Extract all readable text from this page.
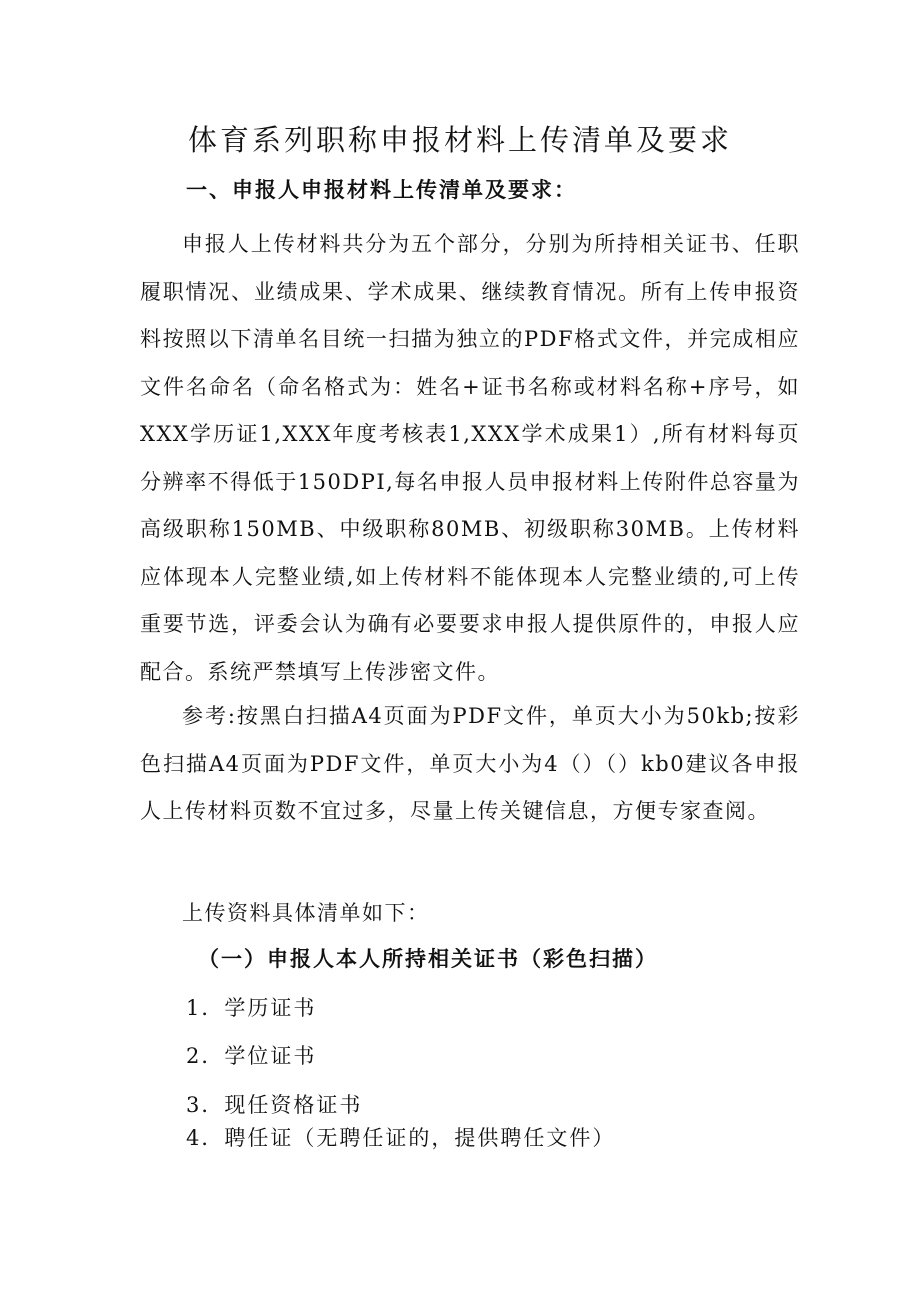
体育系列职称申报材料上传清单及要求
一、申报人申报材料上传清单及要求：
申报人上传材料共分为五个部分，分别为所持相关证书、任职履职情况、业绩成果、学术成果、继续教育情况。所有上传申报资料按照以下清单名目统一扫描为独立的PDF格式文件，并完成相应文件名命名（命名格式为：姓名+证书名称或材料名称+序号，如XXX学历证1,XXX年度考核表1,XXX学术成果1）,所有材料每页分辨率不得低于150DPI,每名申报人员申报材料上传附件总容量为高级职称150MB、中级职称80MB、初级职称30MB。上传材料应体现本人完整业绩,如上传材料不能体现本人完整业绩的,可上传重要节选，评委会认为确有必要要求申报人提供原件的，申报人应配合。系统严禁填写上传涉密文件。
参考:按黑白扫描A4页面为PDF文件，单页大小为50kb;按彩色扫描A4页面为PDF文件，单页大小为4（）（）kb0建议各申报人上传材料页数不宜过多，尽量上传关键信息，方便专家查阅。
上传资料具体清单如下：
（一）申报人本人所持相关证书（彩色扫描）
1．学历证书
2．学位证书
3．现任资格证书
4．聘任证（无聘任证的，提供聘任文件）
